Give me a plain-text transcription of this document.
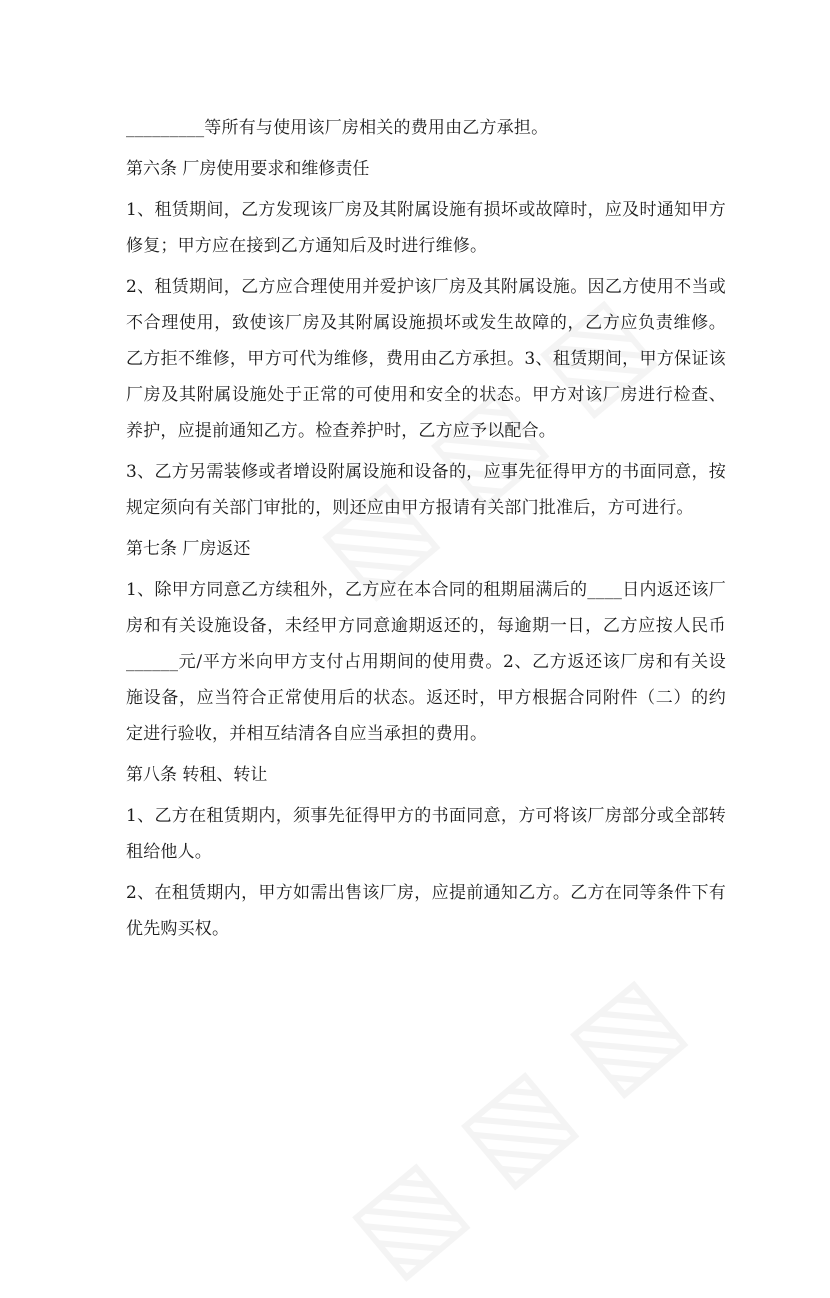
_________等所有与使用该厂房相关的费用由乙方承担。

第六条 厂房使用要求和维修责任

1、租赁期间，乙方发现该厂房及其附属设施有损坏或故障时，应及时通知甲方修复；甲方应在接到乙方通知后及时进行维修。

2、租赁期间，乙方应合理使用并爱护该厂房及其附属设施。因乙方使用不当或不合理使用，致使该厂房及其附属设施损坏或发生故障的，乙方应负责维修。乙方拒不维修，甲方可代为维修，费用由乙方承担。3、租赁期间，甲方保证该厂房及其附属设施处于正常的可使用和安全的状态。甲方对该厂房进行检查、养护，应提前通知乙方。检查养护时，乙方应予以配合。

3、乙方另需装修或者增设附属设施和设备的，应事先征得甲方的书面同意，按规定须向有关部门审批的，则还应由甲方报请有关部门批准后，方可进行。

第七条 厂房返还

1、除甲方同意乙方续租外，乙方应在本合同的租期届满后的____日内返还该厂房和有关设施设备，未经甲方同意逾期返还的，每逾期一日，乙方应按人民币______元/平方米向甲方支付占用期间的使用费。2、乙方返还该厂房和有关设施设备，应当符合正常使用后的状态。返还时，甲方根据合同附件（二）的约定进行验收，并相互结清各自应当承担的费用。

第八条 转租、转让

1、乙方在租赁期内，须事先征得甲方的书面同意，方可将该厂房部分或全部转租给他人。

2、在租赁期内，甲方如需出售该厂房，应提前通知乙方。乙方在同等条件下有优先购买权。
